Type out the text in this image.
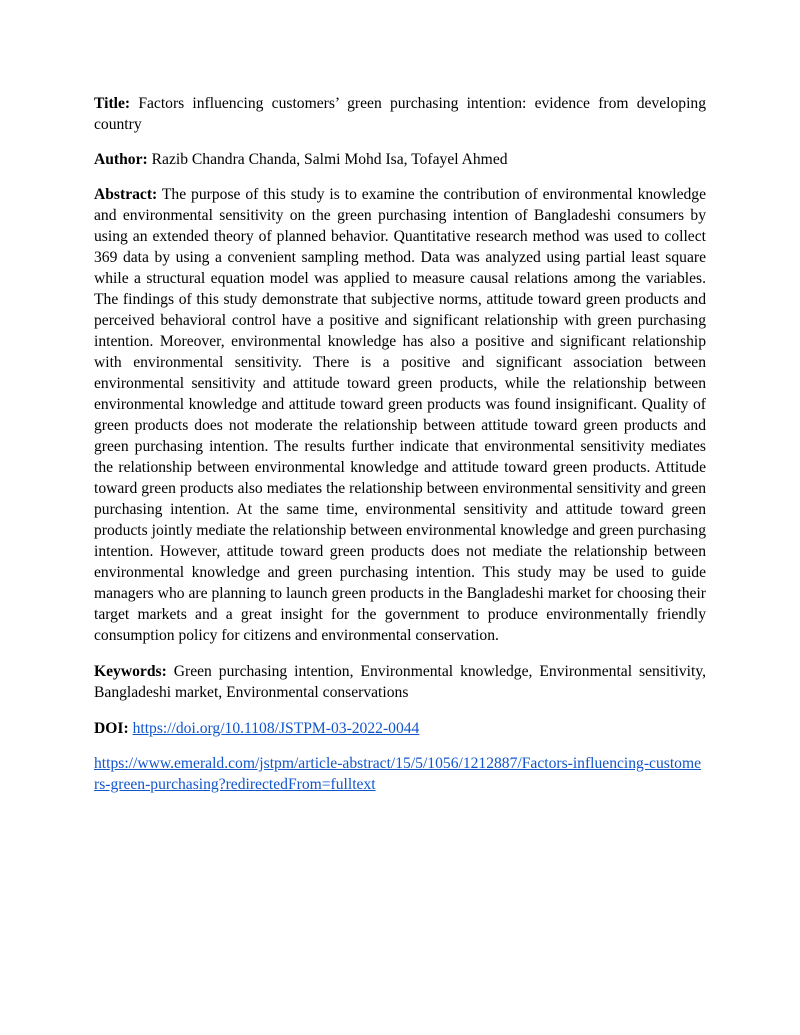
Title: Factors influencing customers’ green purchasing intention: evidence from developing country

Author: Razib Chandra Chanda, Salmi Mohd Isa, Tofayel Ahmed

Abstract: The purpose of this study is to examine the contribution of environmental knowledge and environmental sensitivity on the green purchasing intention of Bangladeshi consumers by using an extended theory of planned behavior. Quantitative research method was used to collect 369 data by using a convenient sampling method. Data was analyzed using partial least square while a structural equation model was applied to measure causal relations among the variables. The findings of this study demonstrate that subjective norms, attitude toward green products and perceived behavioral control have a positive and significant relationship with green purchasing intention. Moreover, environmental knowledge has also a positive and significant relationship with environmental sensitivity. There is a positive and significant association between environmental sensitivity and attitude toward green products, while the relationship between environmental knowledge and attitude toward green products was found insignificant. Quality of green products does not moderate the relationship between attitude toward green products and green purchasing intention. The results further indicate that environmental sensitivity mediates the relationship between environmental knowledge and attitude toward green products. Attitude toward green products also mediates the relationship between environmental sensitivity and green purchasing intention. At the same time, environmental sensitivity and attitude toward green products jointly mediate the relationship between environmental knowledge and green purchasing intention. However, attitude toward green products does not mediate the relationship between environmental knowledge and green purchasing intention. This study may be used to guide managers who are planning to launch green products in the Bangladeshi market for choosing their target markets and a great insight for the government to produce environmentally friendly consumption policy for citizens and environmental conservation.

Keywords: Green purchasing intention, Environmental knowledge, Environmental sensitivity, Bangladeshi market, Environmental conservations

DOI: https://doi.org/10.1108/JSTPM-03-2022-0044

https://www.emerald.com/jstpm/article-abstract/15/5/1056/1212887/Factors-influencing-customers-green-purchasing?redirectedFrom=fulltext
